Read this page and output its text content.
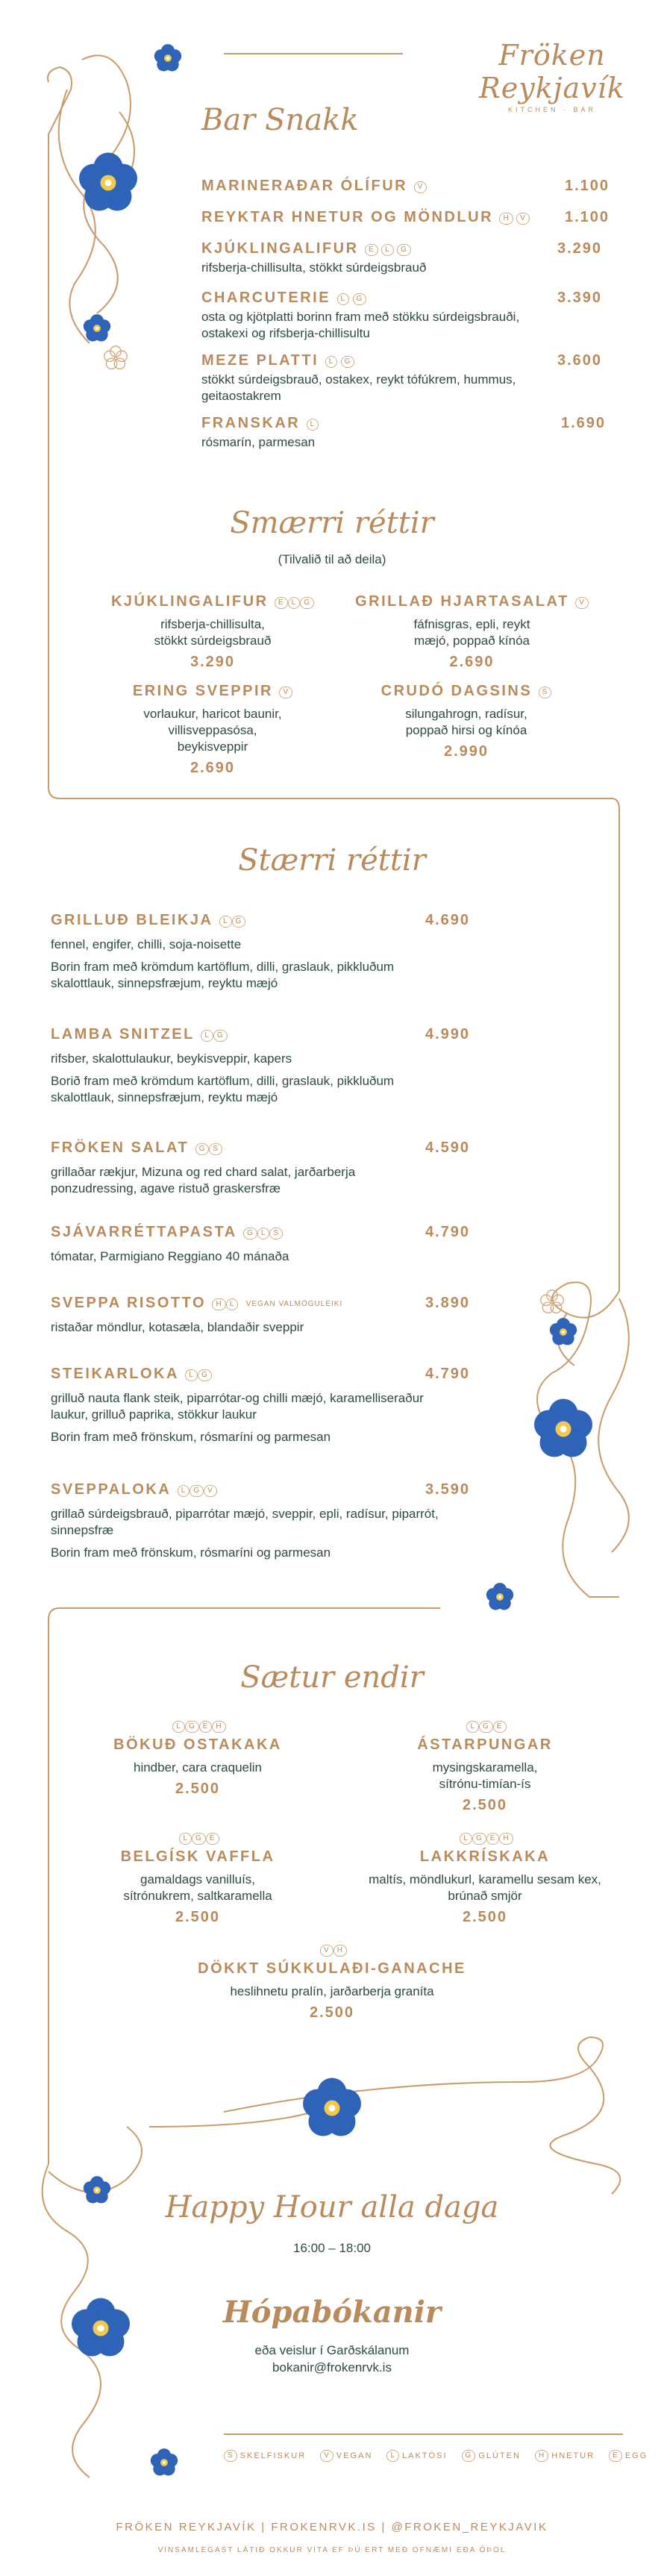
Fröken Reykjavík
KITCHEN · BAR
Bar Snakk
MARINERAÐAR ÓLÍFUR V	1.100
REYKTAR HNETUR OG MÖNDLUR H V	1.100
KJÚKLINGALIFUR E L G
rifsberja-chillisulta, stökkt súrdeigsbrauð
3.290
CHARCUTERIE L G
osta og kjötplatti borinn fram með stökku súrdeigsbrauði, ostakexi og rifsberja-chillisultu
3.390
MEZE PLATTI L G
stökkt súrdeigsbrauð, ostakex, reykt tófúkrem, hummus, geitaostakrem
3.600
FRANSKAR L
rósmarín, parmesan
1.690
Smærri réttir
(Tilvalið til að deila)
KJÚKLINGALIFUR E L G
rifsberja-chillisulta, stökkt súrdeigsbrauð
3.290
GRILLAÐ HJARTASALAT V
fáfnisgras, epli, reykt mæjó, poppað kínóa
2.690
ERING SVEPPIR V
vorlaukur, haricot baunir, villisveppasósa, beykisveppir
2.690
CRUDÓ DAGSINS S
silungahrogn, radísur, poppað hirsi og kínóa
2.990
Stærri réttir
GRILLUÐ BLEIKJA L G
fennel, engifer, chilli, soja-noisette
Borin fram með krömdum kartöflum, dilli, graslauk, pikkluðum skalottlauk, sinnepsfræjum, reyktu mæjó
4.690
LAMBA SNITZEL L G
rifsber, skalottulaukur, beykisveppir, kapers
Borið fram með krömdum kartöflum, dilli, graslauk, pikkluðum skalottlauk, sinnepsfræjum, reyktu mæjó
4.990
FRÖKEN SALAT G S
grillaðar rækjur, Mizuna og red chard salat, jarðarberja ponzudressing, agave ristuð graskersfræ
4.590
SJÁVARRÉTTAPASTA G L S
tómatar, Parmigiano Reggiano 40 mánaða
4.790
SVEPPA RISOTTO H L VEGAN VALMÖGULEIKI
ristaðar möndlur, kotasæla, blandaðir sveppir
3.890
STEIKARLOKA L G
grilluð nauta flank steik, piparrótar-og chilli mæjó, karamelliseraður laukur, grilluð paprika, stökkur laukur
Borin fram með frönskum, rósmaríni og parmesan
4.790
SVEPPALOKA L G V
grillað súrdeigsbrauð, piparrótar mæjó, sveppir, epli, radísur, piparrót, sinnepsfræ
Borin fram með frönskum, rósmaríni og parmesan
3.590
Sætur endir
L G E H
BÖKUÐ OSTAKAKA
hindber, cara craquelin
2.500
L G E
ÁSTARPUNGAR
mysingskaramella, sítrónu-timían-ís
2.500
L G E
BELGÍSK VAFFLA
gamaldags vanilluís, sítrónukrem, saltkaramella
2.500
L G E H
LAKKRÍSKAKA
maltís, möndlukurl, karamellu sesam kex, brúnað smjör
2.500
V H
DÖKKT SÚKKULAÐI-GANACHE
heslihnetu pralín, jarðarberja graníta
2.500
Happy Hour alla daga
16:00 – 18:00
Hópabókanir
eða veislur í Garðskálanum
bokanir@frokenrvk.is
S SKELFISKUR V VEGAN L LAKTÓSI G GLÚTEN H HNETUR E EGG
FRÖKEN REYKJAVÍK | FROKENRVK.IS | @FROKEN_REYKJAVIK
VINSAMLEGAST LÁTIÐ OKKUR VITA EF ÞÚ ERT MEÐ OFNÆMI EÐA ÓÞOL
